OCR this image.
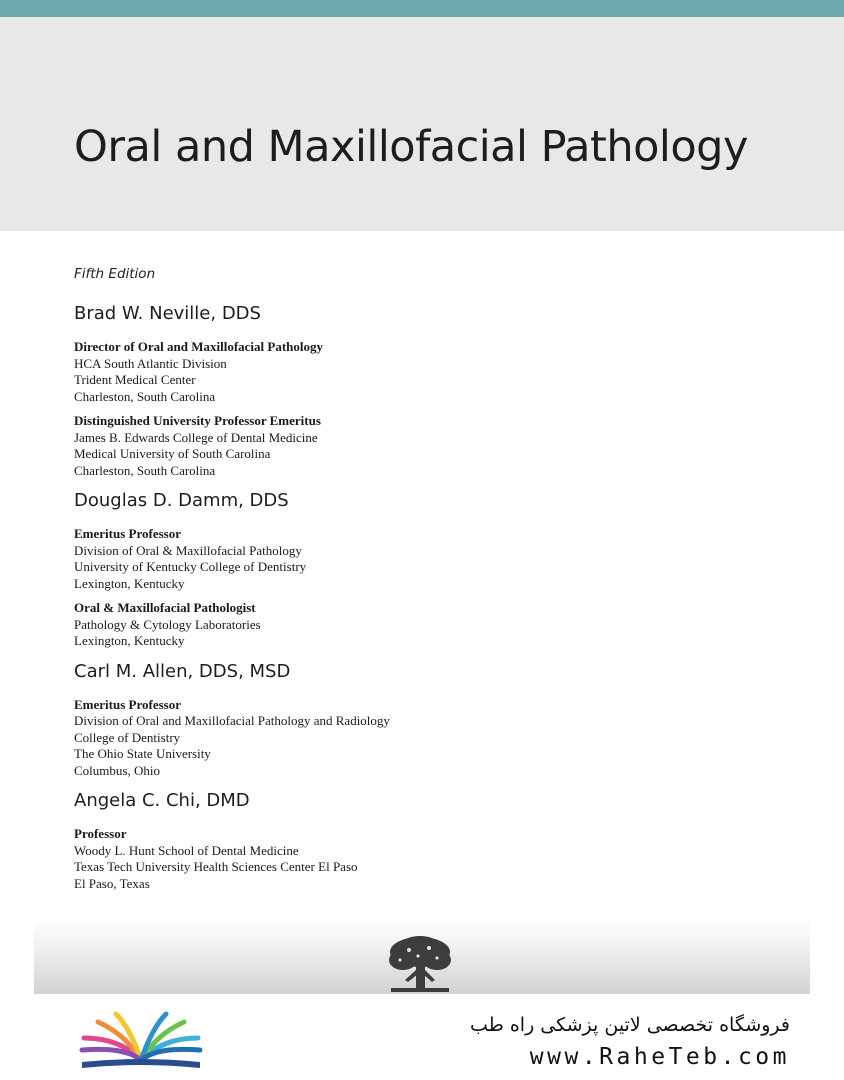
Oral and Maxillofacial Pathology
Fifth Edition
Brad W. Neville, DDS
Director of Oral and Maxillofacial Pathology
HCA South Atlantic Division
Trident Medical Center
Charleston, South Carolina
Distinguished University Professor Emeritus
James B. Edwards College of Dental Medicine
Medical University of South Carolina
Charleston, South Carolina
Douglas D. Damm, DDS
Emeritus Professor
Division of Oral & Maxillofacial Pathology
University of Kentucky College of Dentistry
Lexington, Kentucky
Oral & Maxillofacial Pathologist
Pathology & Cytology Laboratories
Lexington, Kentucky
Carl M. Allen, DDS, MSD
Emeritus Professor
Division of Oral and Maxillofacial Pathology and Radiology
College of Dentistry
The Ohio State University
Columbus, Ohio
Angela C. Chi, DMD
Professor
Woody L. Hunt School of Dental Medicine
Texas Tech University Health Sciences Center El Paso
El Paso, Texas
فروشگاه تخصصی لاتین پزشکی راه طب
www.RaheTeb.com
